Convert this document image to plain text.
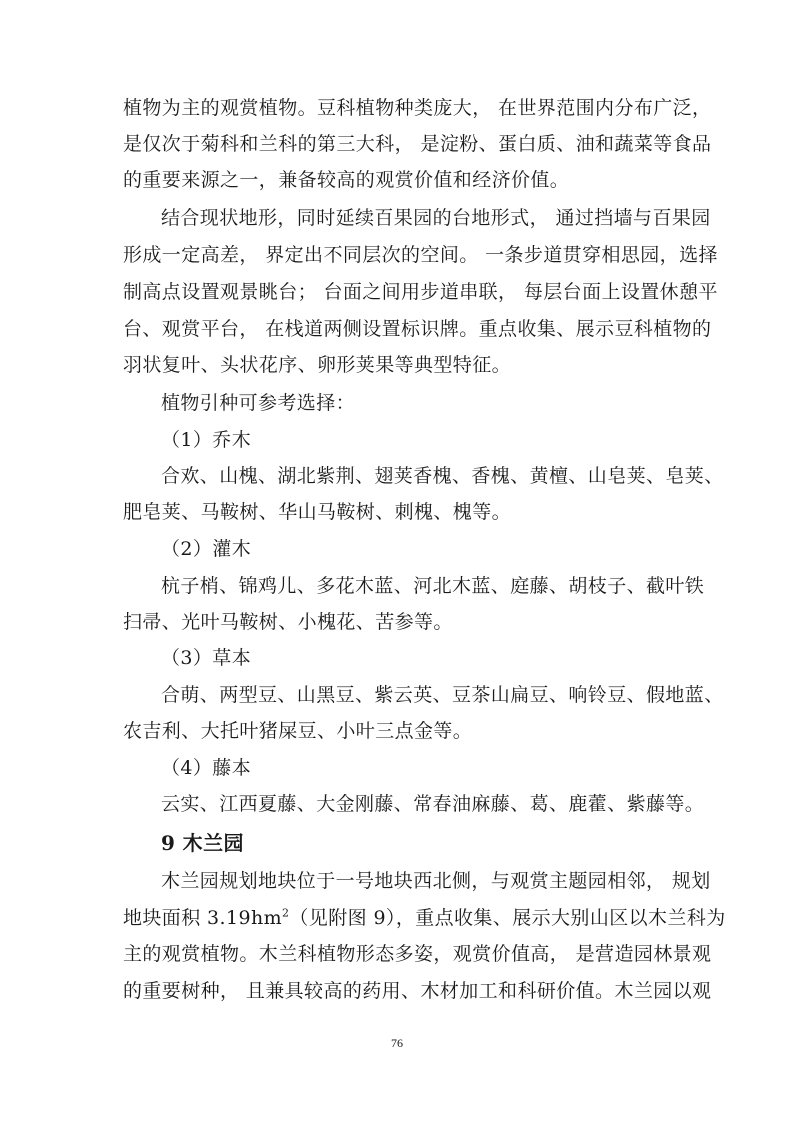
植物为主的观赏植物。豆科植物种类庞大， 在世界范围内分布广泛，
是仅次于菊科和兰科的第三大科， 是淀粉、蛋白质、油和蔬菜等食品
的重要来源之一，兼备较高的观赏价值和经济价值。
结合现状地形，同时延续百果园的台地形式， 通过挡墙与百果园
形成一定高差， 界定出不同层次的空间。 一条步道贯穿相思园，选择
制高点设置观景眺台； 台面之间用步道串联， 每层台面上设置休憩平
台、观赏平台， 在栈道两侧设置标识牌。重点收集、展示豆科植物的
羽状复叶、头状花序、卵形荚果等典型特征。
植物引种可参考选择：
（1）乔木
合欢、山槐、湖北紫荆、翅荚香槐、香槐、黄檀、山皂荚、皂荚、
肥皂荚、马鞍树、华山马鞍树、刺槐、槐等。
（2）灌木
杭子梢、锦鸡儿、多花木蓝、河北木蓝、庭藤、胡枝子、截叶铁
扫帚、光叶马鞍树、小槐花、苦参等。
（3）草本
合萌、两型豆、山黑豆、紫云英、豆茶山扁豆、响铃豆、假地蓝、
农吉利、大托叶猪屎豆、小叶三点金等。
（4）藤本
云实、江西夏藤、大金刚藤、常春油麻藤、葛、鹿藿、紫藤等。
9 木兰园
木兰园规划地块位于一号地块西北侧，与观赏主题园相邻， 规划
地块面积 $3.19hm^2$（见附图 9），重点收集、展示大别山区以木兰科为
主的观赏植物。木兰科植物形态多姿，观赏价值高， 是营造园林景观
的重要树种， 且兼具较高的药用、木材加工和科研价值。木兰园以观
76
